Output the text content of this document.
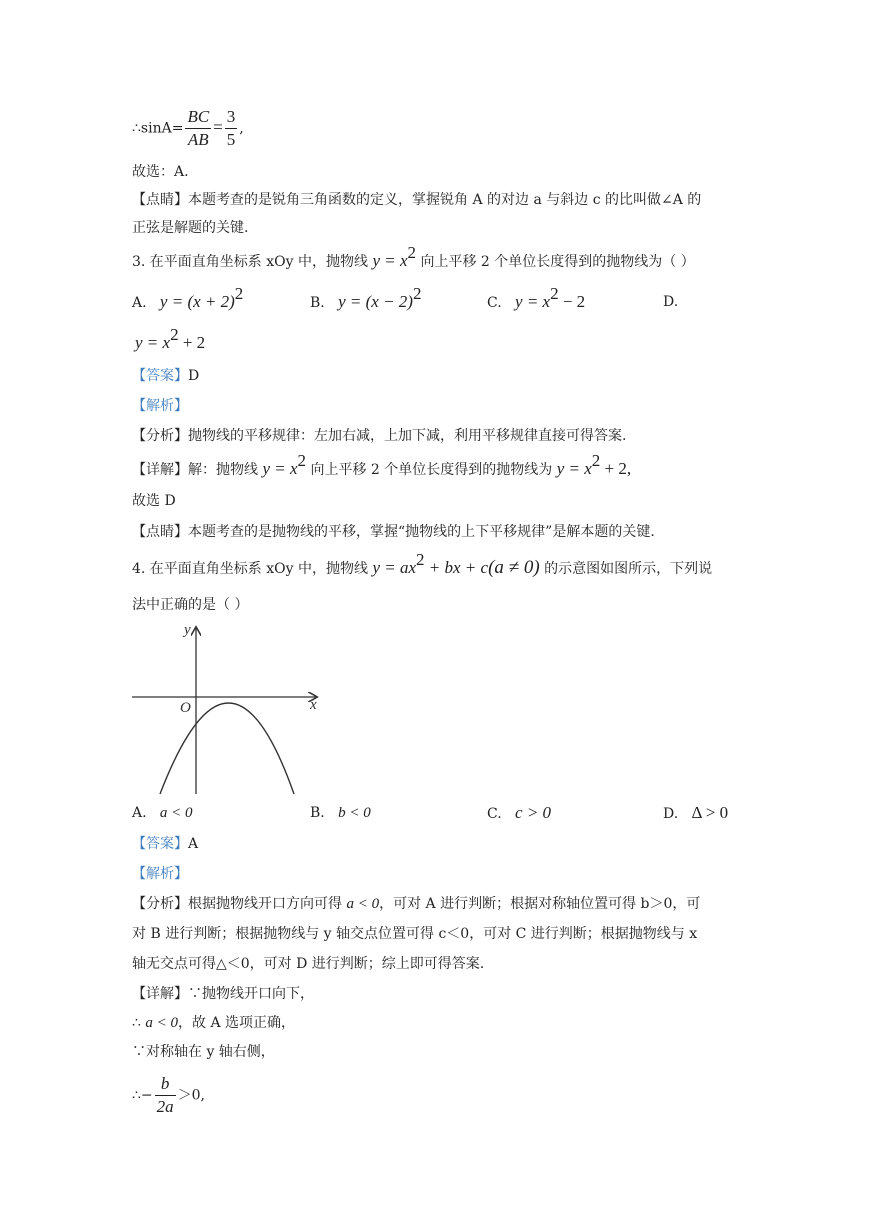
∴sinA= $\frac{BC}{AB} = \frac{3}{5}$ ,
故选：A.
【点睛】本题考查的是锐角三角函数的定义，掌握锐角 A 的对边 a 与斜边 c 的比叫做∠A 的
正弦是解题的关键.
3. 在平面直角坐标系 xOy 中，抛物线 $y = x^2$ 向上平移 2 个单位长度得到的抛物线为（ ）
A. $y = (x + 2)^2$	B. $y = (x - 2)^2$	C. $y = x^2 - 2$	D.
$y = x^2 + 2$
【答案】D
【解析】
【分析】抛物线的平移规律：左加右减，上加下减，利用平移规律直接可得答案.
【详解】解：抛物线 $y = x^2$ 向上平移 2 个单位长度得到的抛物线为 $y = x^2 + 2$,
故选 D
【点睛】本题考查的是抛物线的平移，掌握“抛物线的上下平移规律”是解本题的关键.
4. 在平面直角坐标系 xOy 中，抛物线 $y = ax^2$ + bx + c(a ≠ 0) 的示意图如图所示，下列说
法中正确的是（ ）
y
x
O
A. a < 0	B. b < 0	C. c > 0	D. Δ > 0
【答案】A
【解析】
【分析】根据抛物线开口方向可得 a < 0，可对 A 进行判断；根据对称轴位置可得 b＞0，可
对 B 进行判断；根据抛物线与 y 轴交点位置可得 c＜0，可对 C 进行判断；根据抛物线与 x
轴无交点可得△＜0，可对 D 进行判断；综上即可得答案.
【详解】∵抛物线开口向下，
∴ a < 0，故 A 选项正确，
∵对称轴在 y 轴右侧，
∴− $\frac{b}{2a} >0$,
